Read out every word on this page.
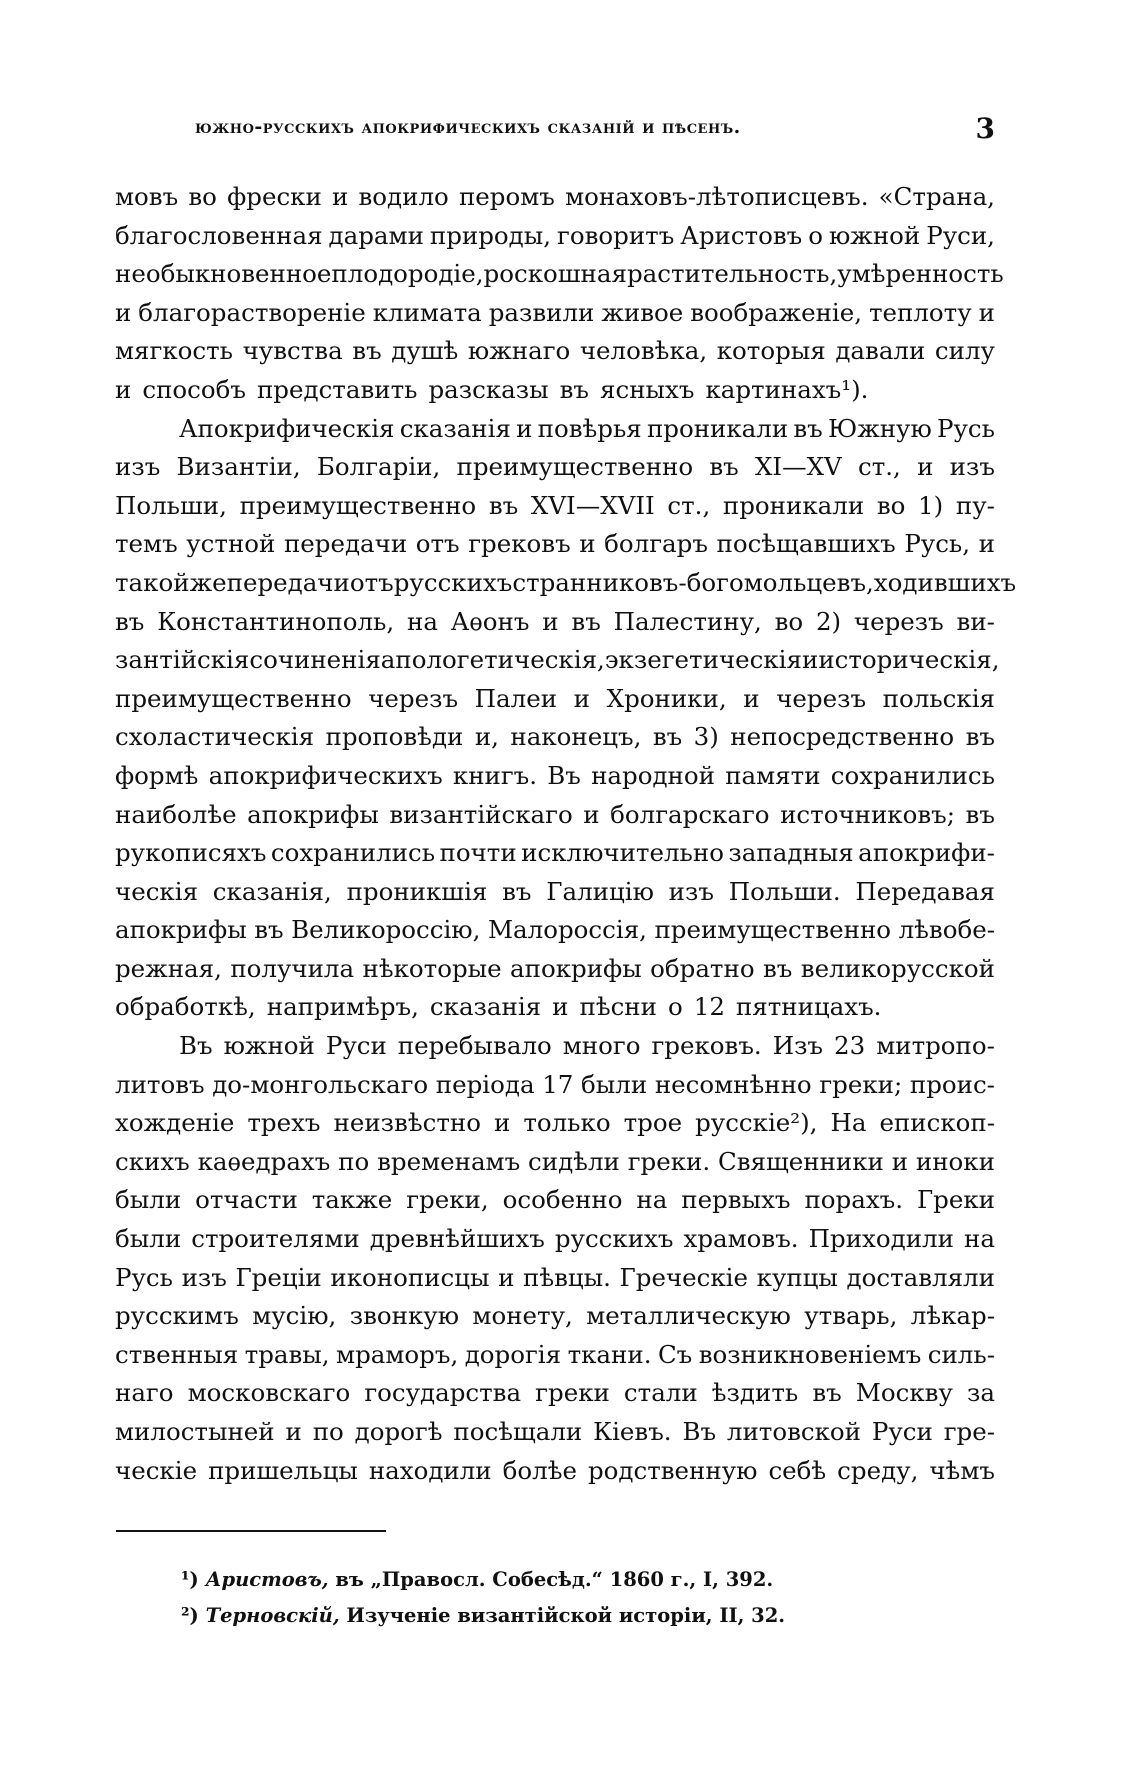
южно-русскихъ апокрифическихъ сказаній и пѣсенъ.	3
мовъ во фрески и водило перомъ монаховъ-лѣтописцевъ. «Страна,
благословенная дарами природы, говоритъ Аристовъ о южной Руси,
необыкновенное плодородіе, роскошная растительность, умѣренность
и благорастворенiе климата развили живое воображенiе, теплоту и
мягкость чувства въ душѣ южнаго человѣка, которыя давали силу
и способъ представить разсказы въ ясныхъ картинахъ¹).
Апокрифическія сказанія и повѣрья проникали въ Южную Русь
изъ Византіи, Болгаріи, преимущественно въ XI—XV ст., и изъ
Польши, преимущественно въ XVI—XVII ст., проникали во 1) пу-
темъ устной передачи отъ грековъ и болгаръ посѣщавшихъ Русь, и
такой же передачи отъ русскихъ странниковъ-богомольцевъ, ходившихъ
въ Константинополь, на Аѳонъ и въ Палестину, во 2) черезъ ви-
зантійскія сочиненія апологетическія, экзегетическія и историческія,
преимущественно черезъ Палеи и Хроники, и черезъ польскія
схоластическія проповѣди и, наконецъ, въ 3) непосредственно въ
формѣ апокрифическихъ книгъ. Въ народной памяти сохранились
наиболѣе апокрифы византійскаго и болгарскаго источниковъ; въ
рукописяхъ сохранились почти исключительно западныя апокрифи-
ческія сказанія, проникшія въ Галицію изъ Польши. Передавая
апокрифы въ Великороссію, Малороссія, преимущественно лѣвобе-
режная, получила нѣкоторые апокрифы обратно въ великорусской
обработкѣ, напримѣръ, сказанія и пѣсни о 12 пятницахъ.
Въ южной Руси перебывало много грековъ. Изъ 23 митропо-
литовъ до-монгольскаго періода 17 были несомнѣнно греки; проис-
хожденіе трехъ неизвѣстно и только трое русскіе²), На епископ-
скихъ каѳедрахъ по временамъ сидѣли греки. Священники и иноки
были отчасти также греки, особенно на первыхъ порахъ. Греки
были строителями древнѣйшихъ русскихъ храмовъ. Приходили на
Русь изъ Греціи иконописцы и пѣвцы. Греческіе купцы доставляли
русскимъ мусію, звонкую монету, металлическую утварь, лѣкар-
ственныя травы, мраморъ, дорогія ткани. Съ возникновеніемъ силь-
наго московскаго государства греки стали ѣздить въ Москву за
милостыней и по дорогѣ посѣщали Кіевъ. Въ литовской Руси гре-
ческіе пришельцы находили болѣе родственную себѣ среду, чѣмъ
¹) Аристовъ, въ „Правосл. Собесѣд.“ 1860 г., I, 392.
²) Терновскій, Изученіе византійской исторіи, II, 32.
